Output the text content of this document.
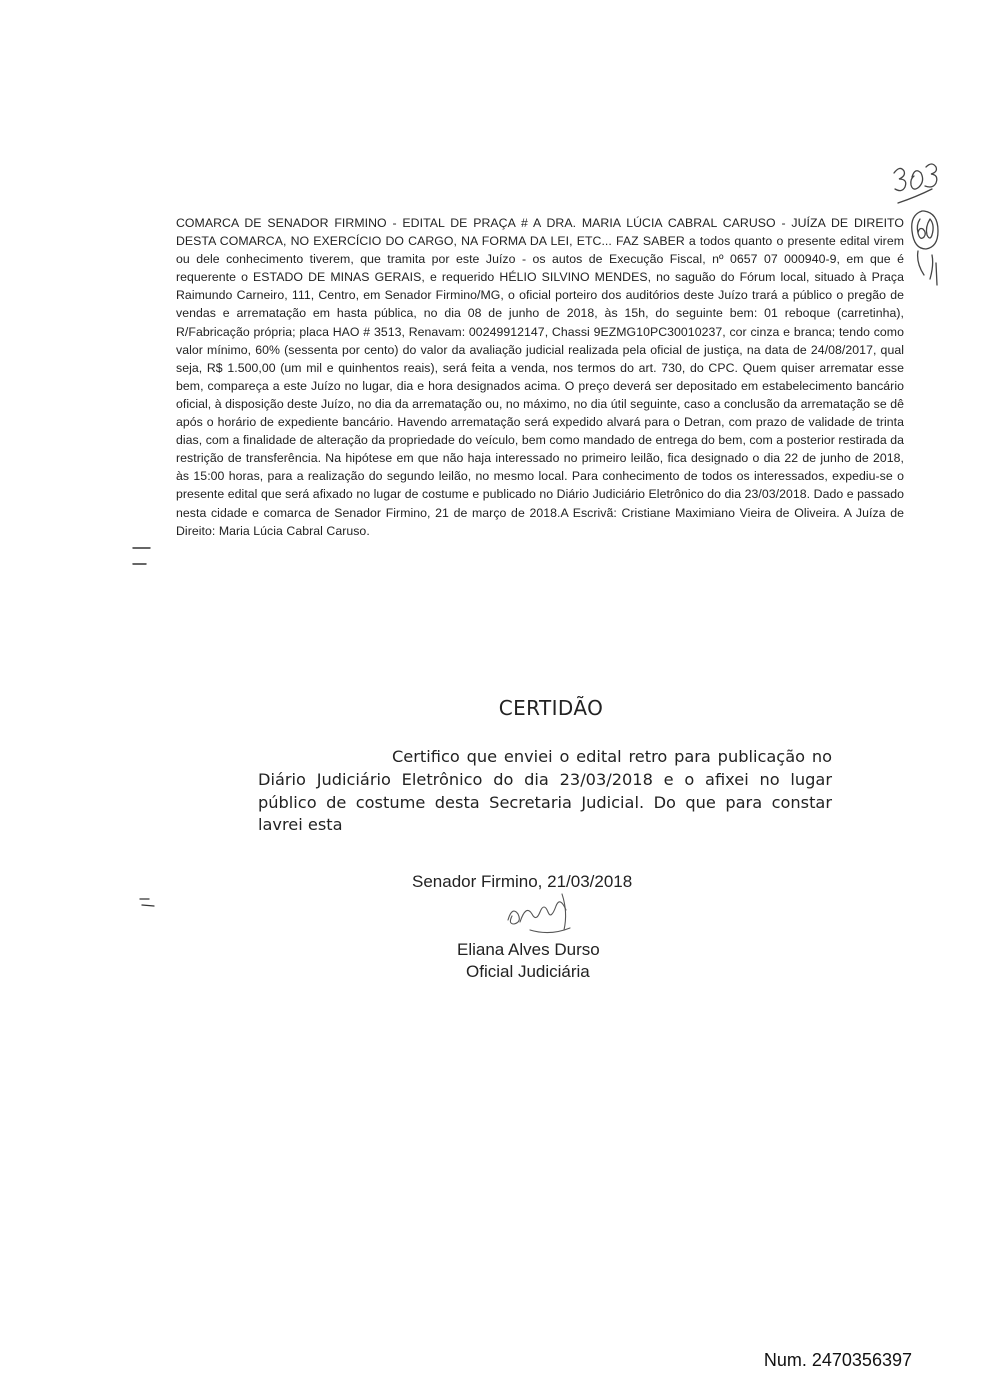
COMARCA DE SENADOR FIRMINO - EDITAL DE PRAÇA # A DRA. MARIA LÚCIA CABRAL CARUSO - JUÍZA DE DIREITO DESTA COMARCA, NO EXERCÍCIO DO CARGO, NA FORMA DA LEI, ETC... FAZ SABER a todos quanto o presente edital virem ou dele conhecimento tiverem, que tramita por este Juízo - os autos de Execução Fiscal, nº 0657 07 000940-9, em que é requerente o ESTADO DE MINAS GERAIS, e requerido HÉLIO SILVINO MENDES, no saguão do Fórum local, situado à Praça Raimundo Carneiro, 111, Centro, em Senador Firmino/MG, o oficial porteiro dos auditórios deste Juízo trará a público o pregão de vendas e arrematação em hasta pública, no dia 08 de junho de 2018, às 15h, do seguinte bem: 01 reboque (carretinha), R/Fabricação própria; placa HAO # 3513, Renavam: 00249912147, Chassi 9EZMG10PC30010237, cor cinza e branca; tendo como valor mínimo, 60% (sessenta por cento) do valor da avaliação judicial realizada pela oficial de justiça, na data de 24/08/2017, qual seja, R$ 1.500,00 (um mil e quinhentos reais), será feita a venda, nos termos do art. 730, do CPC. Quem quiser arrematar esse bem, compareça a este Juízo no lugar, dia e hora designados acima. O preço deverá ser depositado em estabelecimento bancário oficial, à disposição deste Juízo, no dia da arrematação ou, no máximo, no dia útil seguinte, caso a conclusão da arrematação se dê após o horário de expediente bancário. Havendo arrematação será expedido alvará para o Detran, com prazo de validade de trinta dias, com a finalidade de alteração da propriedade do veículo, bem como mandado de entrega do bem, com a posterior restirada da restrição de transferência. Na hipótese em que não haja interessado no primeiro leilão, fica designado o dia 22 de junho de 2018, às 15:00 horas, para a realização do segundo leilão, no mesmo local. Para conhecimento de todos os interessados, expediu-se o presente edital que será afixado no lugar de costume e publicado no Diário Judiciário Eletrônico do dia 23/03/2018. Dado e passado nesta cidade e comarca de Senador Firmino, 21 de março de 2018.A Escrivã: Cristiane Maximiano Vieira de Oliveira. A Juíza de Direito: Maria Lúcia Cabral Caruso.

CERTIDÃO

Certifico que enviei o edital retro para publicação no Diário Judiciário Eletrônico do dia 23/03/2018 e o afixei no lugar público de costume desta Secretaria Judicial. Do que para constar lavrei esta

Senador Firmino, 21/03/2018
Eliana Alves Durso
Oficial Judiciária
Num. 2470356397
